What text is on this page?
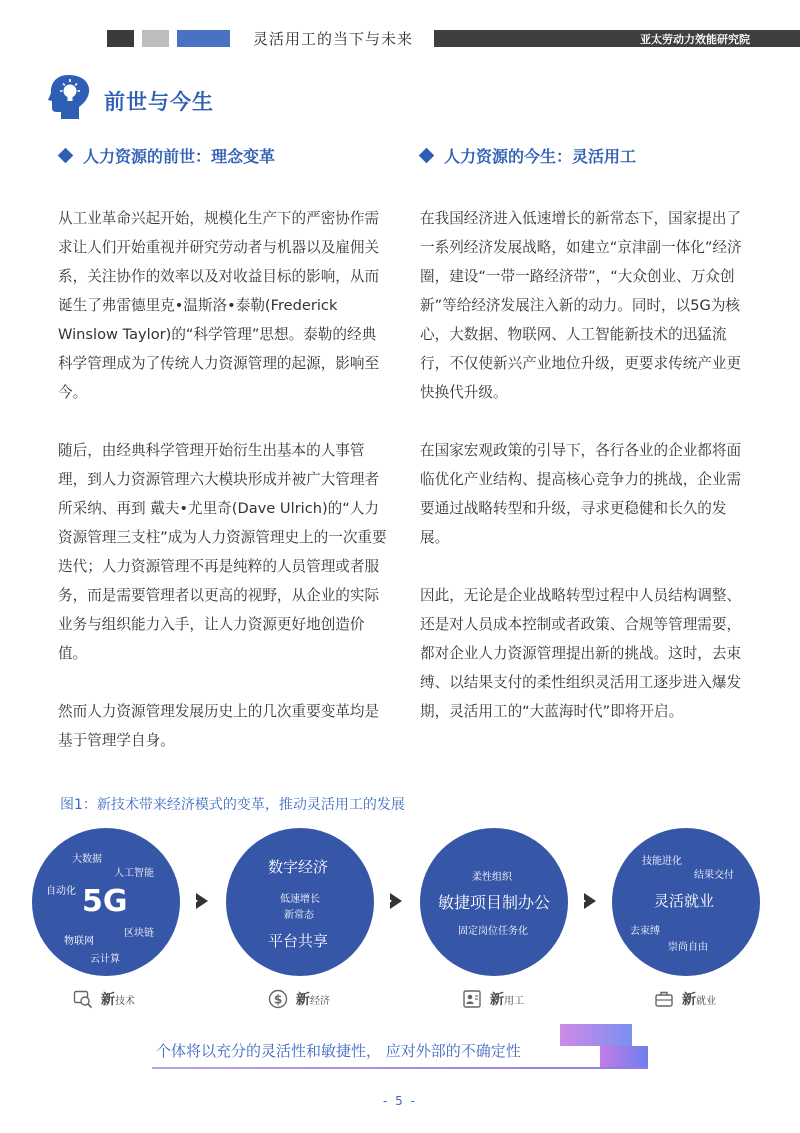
灵活用工的当下与未来	亚太劳动力效能研究院
前世与今生
人力资源的前世：理念变革	人力资源的今生：灵活用工

从工业革命兴起开始，规模化生产下的严密协作需求让人们开始重视并研究劳动者与机器以及雇佣关系，关注协作的效率以及对收益目标的影响，从而诞生了弗雷德里克•温斯洛•泰勒(Frederick Winslow Taylor)的“科学管理”思想。泰勒的经典科学管理成为了传统人力资源管理的起源，影响至今。

随后，由经典科学管理开始衍生出基本的人事管理，到人力资源管理六大模块形成并被广大管理者所采纳、再到 戴夫•尤里奇(Dave Ulrich)的“人力资源管理三支柱”成为人力资源管理史上的一次重要迭代；人力资源管理不再是纯粹的人员管理或者服务，而是需要管理者以更高的视野，从企业的实际业务与组织能力入手，让人力资源更好地创造价值。

然而人力资源管理发展历史上的几次重要变革均是基于管理学自身。

在我国经济进入低速增长的新常态下，国家提出了一系列经济发展战略，如建立“京津副一体化”经济圈，建设“一带一路经济带”，“大众创业、万众创新”等给经济发展注入新的动力。同时，以5G为核心，大数据、物联网、人工智能新技术的迅猛流行，不仅使新兴产业地位升级，更要求传统产业更快换代升级。

在国家宏观政策的引导下，各行各业的企业都将面临优化产业结构、提高核心竞争力的挑战，企业需要通过战略转型和升级，寻求更稳健和长久的发展。

因此，无论是企业战略转型过程中人员结构调整、还是对人员成本控制或者政策、合规等管理需要，都对企业人力资源管理提出新的挑战。这时，去束缚、以结果支付的柔性组织灵活用工逐步进入爆发期，灵活用工的“大蓝海时代”即将开启。

图1：新技术带来经济模式的变革，推动灵活用工的发展
大数据
人工智能
自动化 5G
区块链
物联网
云计算
数字经济
低速增长
新常态
平台共享
柔性组织
敏捷项目制办公
固定岗位任务化
技能进化
结果交付
灵活就业
去束缚
崇尚自由
新 技术	$ 新 经济	新 用工	新 就业
个体将以充分的灵活性和敏捷性， 应对外部的不确定性
- 5 -
